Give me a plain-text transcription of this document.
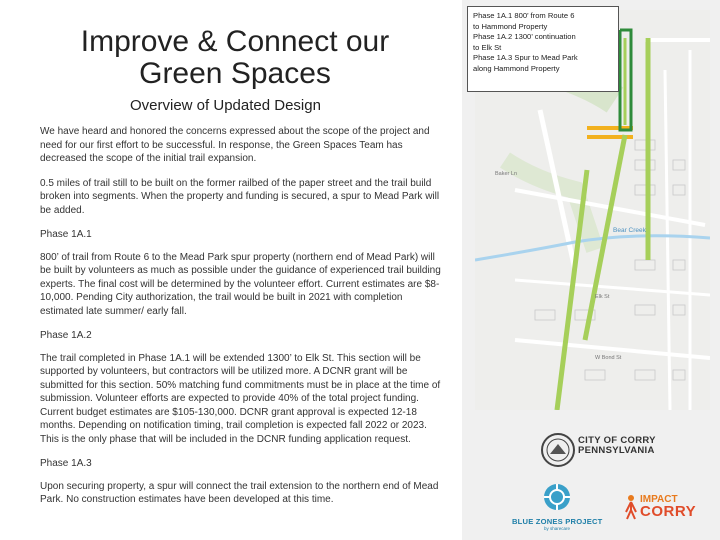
Improve & Connect our Green Spaces
Overview of Updated Design

We have heard and honored the concerns expressed about the scope of the project and need for our first effort to be successful. In response, the Green Spaces Team has decreased the scope of the initial trail expansion.

0.5 miles of trail still to be built on the former railbed of the paper street and the trail build broken into segments. When the property and funding is secured, a spur to Mead Park will be added.

Phase 1A.1

800’ of trail from Route 6 to the Mead Park spur property (northern end of Mead Park) will be built by volunteers as much as possible under the guidance of experienced trail building experts. The final cost will be determined by the volunteer effort. Current estimates are $8-10,000. Pending City authorization, the trail would be built in 2021 with completion estimated late summer/ early fall.

Phase 1A.2

The trail completed in Phase 1A.1 will be extended 1300’ to Elk St. This section will be supported by volunteers, but contractors will be utilized more. A DCNR grant will be submitted for this section. 50% matching fund commitments must be in place at the time of submission. Volunteer efforts are expected to provide 40% of the total project funding. Current budget estimates are $105-130,000. DCNR grant approval is expected 12-18 months. Depending on notification timing, trail completion is expected fall 2022 or 2023. This is the only phase that will be included in the DCNR funding application request.

Phase 1A.3

Upon securing property, a spur will connect the trail extension to the northern end of Mead Park. No construction estimates have been developed at this time.

Bear Creek
Elk St
W Bond St
Baker Ln
Phase 1A.1 800’ from Route 6
to Hammond Property
Phase 1A.2 1300’ continuation
to Elk St
Phase 1A.3 Spur to Mead Park
along Hammond Property
CITY OF CORRY
PENNSYLVANIA
BLUE ZONES PROJECT
by sharecare
IMPACT
CORRY
